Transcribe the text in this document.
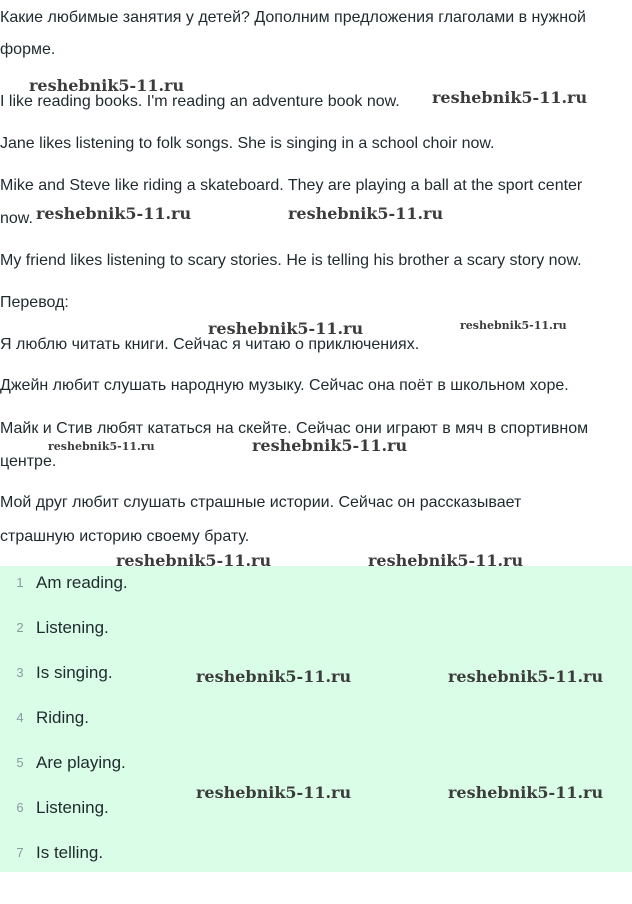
Какие любимые занятия у детей? Дополним предложения глаголами в нужной
форме.
I like reading books. I'm reading an adventure book now.
Jane likes listening to folk songs. She is singing in a school choir now.
Mike and Steve like riding a skateboard. They are playing a ball at the sport center
now.
My friend likes listening to scary stories. He is telling his brother a scary story now.
Перевод:
Я люблю читать книги. Сейчас я читаю о приключениях.
Джейн любит слушать народную музыку. Сейчас она поёт в школьном хоре.
Майк и Стив любят кататься на скейте. Сейчас они играют в мяч в спортивном
центре.
Мой друг любит слушать страшные истории. Сейчас он рассказывает
страшную историю своему брату.
1 Am reading.
2 Listening.
3 Is singing.
4 Riding.
5 Are playing.
6 Listening.
7 Is telling.
reshebnik5-11.ru
reshebnik5-11.ru
reshebnik5-11.ru	reshebnik5-11.ru
reshebnik5-11.ru	reshebnik5-11.ru
reshebnik5-11.ru	reshebnik5-11.ru
reshebnik5-11.ru	reshebnik5-11.ru
reshebnik5-11.ru	reshebnik5-11.ru
reshebnik5-11.ru	reshebnik5-11.ru
